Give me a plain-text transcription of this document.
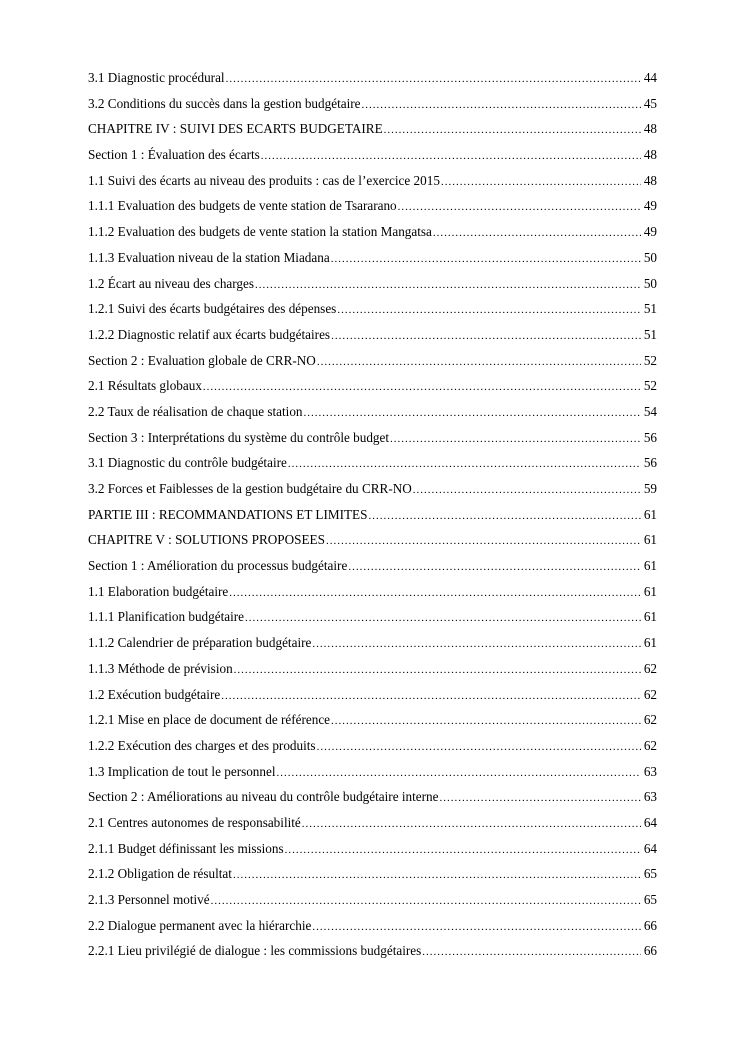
3.1 Diagnostic procédural .....	44
3.2 Conditions du succès dans la gestion budgétaire .....	45
CHAPITRE IV : SUIVI DES ECARTS BUDGETAIRE .....	48
Section 1 : Évaluation des écarts .....	48
1.1 Suivi des écarts au niveau des produits : cas de l’exercice 2015 .....	48
1.1.1 Evaluation des budgets de vente station de Tsararano .....	49
1.1.2 Evaluation des budgets de vente station la station Mangatsa .....	49
1.1.3 Evaluation niveau de la station Miadana .....	50
1.2 Écart au niveau des charges .....	50
1.2.1 Suivi des écarts budgétaires des dépenses .....	51
1.2.2 Diagnostic relatif aux écarts budgétaires .....	51
Section 2 : Evaluation globale de CRR-NO .....	52
2.1 Résultats globaux .....	52
2.2 Taux de réalisation de chaque station .....	54
Section 3 : Interprétations du système du contrôle budget .....	56
3.1 Diagnostic du contrôle budgétaire .....	56
3.2 Forces et Faiblesses de la gestion budgétaire du CRR-NO .....	59
PARTIE III : RECOMMANDATIONS ET LIMITES .....	61
CHAPITRE V : SOLUTIONS PROPOSEES .....	61
Section 1 : Amélioration du processus budgétaire .....	61
1.1 Elaboration budgétaire .....	61
1.1.1 Planification budgétaire .....	61
1.1.2 Calendrier de préparation budgétaire .....	61
1.1.3 Méthode de prévision .....	62
1.2 Exécution budgétaire .....	62
1.2.1 Mise en place de document de référence .....	62
1.2.2 Exécution des charges et des produits .....	62
1.3 Implication de tout le personnel .....	63
Section 2 : Améliorations au niveau du contrôle budgétaire interne .....	63
2.1 Centres autonomes de responsabilité .....	64
2.1.1 Budget définissant les missions .....	64
2.1.2 Obligation de résultat .....	65
2.1.3 Personnel motivé .....	65
2.2 Dialogue permanent avec la hiérarchie .....	66
2.2.1 Lieu privilégié de dialogue : les commissions budgétaires .....	66
